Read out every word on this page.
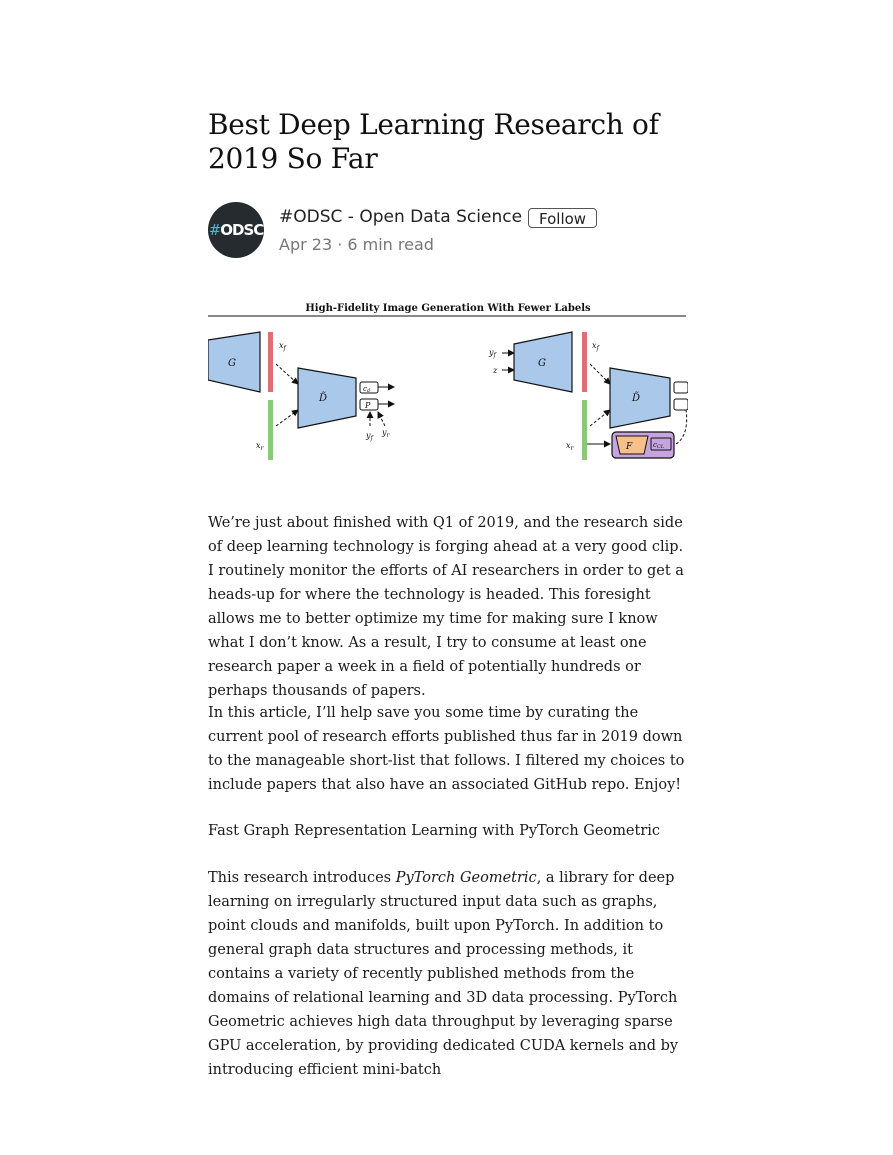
Best Deep Learning Research of 2019 So Far
#ODSC
#ODSC - Open Data Science	Follow
Apr 23 · 6 min read
High-Fidelity Image Generation With Fewer Labels
G
$x_f$
$x_r$
D̃
cd
P
$y_f$
$y_r$
$y_f$
z
G
$x_f$
$x_r$
D̃
F	cCL

We’re just about finished with Q1 of 2019, and the research side of deep learning technology is forging ahead at a very good clip. I routinely monitor the efforts of AI researchers in order to get a heads-up for where the technology is headed. This foresight allows me to better optimize my time for making sure I know what I don’t know. As a result, I try to consume at least one research paper a week in a field of potentially hundreds or perhaps thousands of papers.

In this article, I’ll help save you some time by curating the current pool of research efforts published thus far in 2019 down to the manageable short-list that follows. I filtered my choices to include papers that also have an associated GitHub repo. Enjoy!

Fast Graph Representation Learning with PyTorch Geometric

This research introduces PyTorch Geometric, a library for deep learning on irregularly structured input data such as graphs, point clouds and manifolds, built upon PyTorch. In addition to general graph data structures and processing methods, it contains a variety of recently published methods from the domains of relational learning and 3D data processing. PyTorch Geometric achieves high data throughput by leveraging sparse GPU acceleration, by providing dedicated CUDA kernels and by introducing efficient mini-batch
